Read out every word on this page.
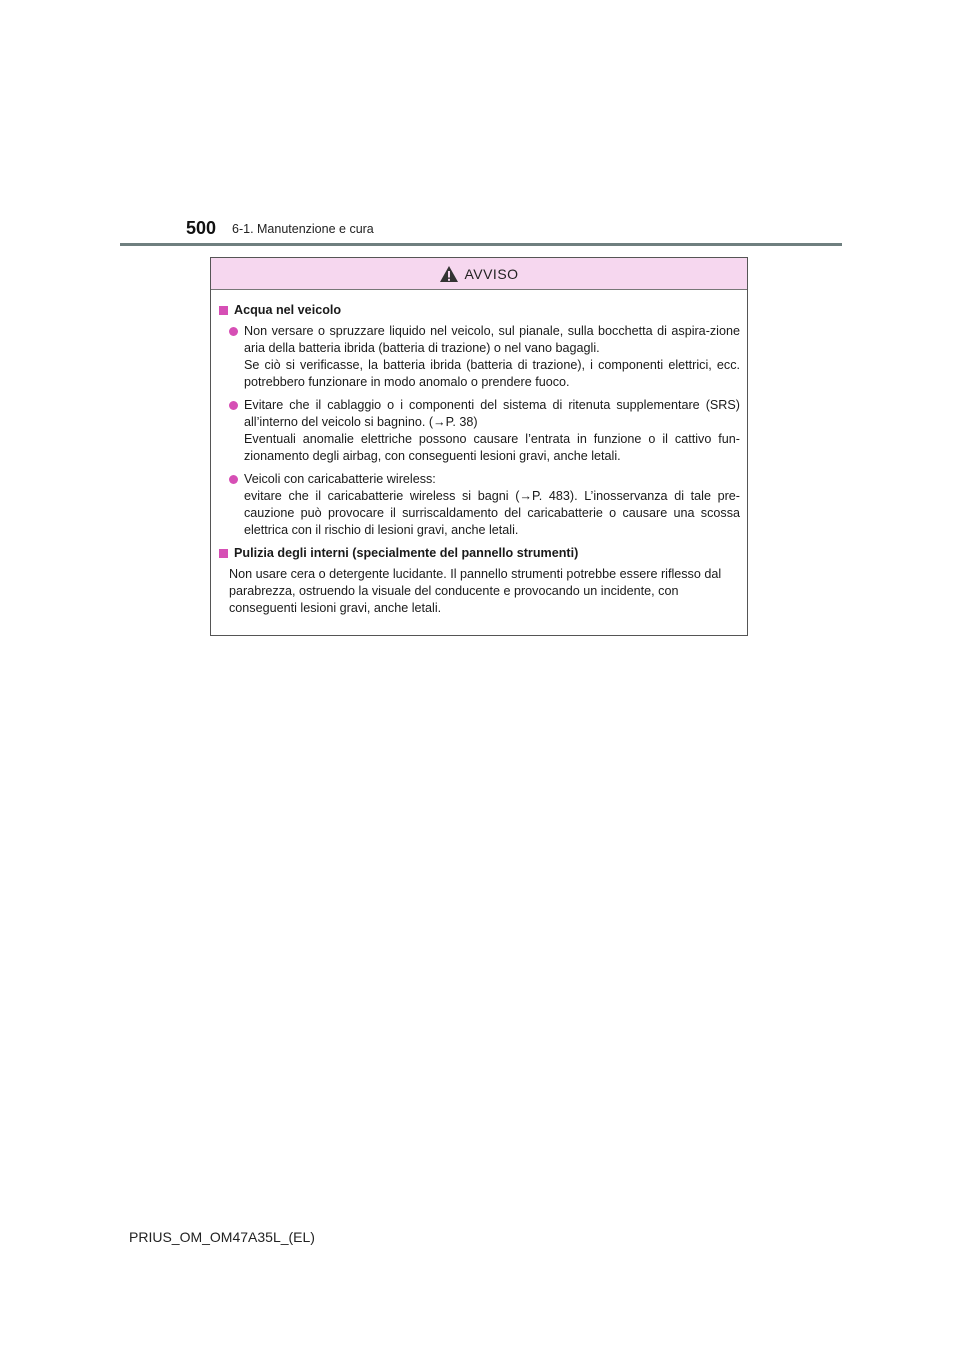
500 6-1. Manutenzione e cura
AVVISO
Acqua nel veicolo
Non versare o spruzzare liquido nel veicolo, sul pianale, sulla bocchetta di aspira-zione aria della batteria ibrida (batteria di trazione) o nel vano bagagli.
Se ciò si verificasse, la batteria ibrida (batteria di trazione), i componenti elettrici, ecc. potrebbero funzionare in modo anomalo o prendere fuoco.
Evitare che il cablaggio o i componenti del sistema di ritenuta supplementare (SRS) all’interno del veicolo si bagnino. (→P. 38)
Eventuali anomalie elettriche possono causare l’entrata in funzione o il cattivo fun-zionamento degli airbag, con conseguenti lesioni gravi, anche letali.
Veicoli con caricabatterie wireless:
evitare che il caricabatterie wireless si bagni (→P. 483). L’inosservanza di tale pre-cauzione può provocare il surriscaldamento del caricabatterie o causare una scossa elettrica con il rischio di lesioni gravi, anche letali.
Pulizia degli interni (specialmente del pannello strumenti)
Non usare cera o detergente lucidante. Il pannello strumenti potrebbe essere riflesso dal parabrezza, ostruendo la visuale del conducente e provocando un incidente, con conseguenti lesioni gravi, anche letali.
PRIUS_OM_OM47A35L_(EL)
